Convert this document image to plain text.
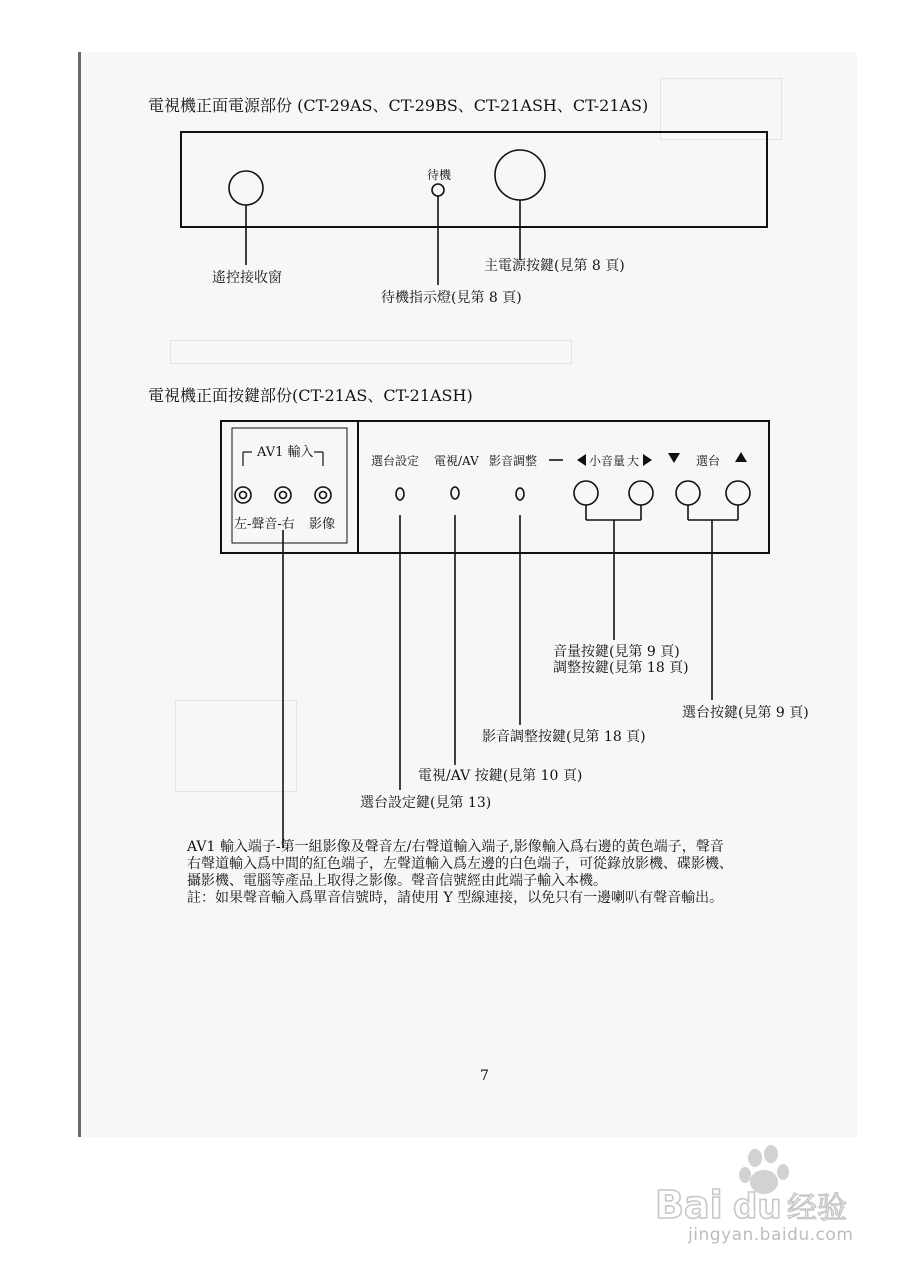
電視機正面電源部份 (CT-29AS、CT-29BS、CT-21ASH、CT-21AS)
電視機正面按鍵部份(CT-21AS、CT-21ASH)
待機
遙控接收窗
待機指示燈(見第 8 頁)
主電源按鍵(見第 8 頁)
AV1 輸入
左-聲音-右 影像
選台設定 電視/AV 影音調整	小 音量 大	選台
音量按鍵(見第 9 頁)
調整按鍵(見第 18 頁)
選台按鍵(見第 9 頁)
影音調整按鍵(見第 18 頁)
電視/AV 按鍵(見第 10 頁)
選台設定鍵(見第 13)
AV1 輸入端子-第一組影像及聲音左/右聲道輸入端子,影像輸入爲右邊的黃色端子，聲音
右聲道輸入爲中間的紅色端子，左聲道輸入爲左邊的白色端子，可從錄放影機、碟影機、
攝影機、電腦等產品上取得之影像。聲音信號經由此端子輸入本機。
註：如果聲音輸入爲單音信號時，請使用 Y 型線連接，以免只有一邊喇叭有聲音輸出。
7
Bai du 经验
jingyan.baidu.com
